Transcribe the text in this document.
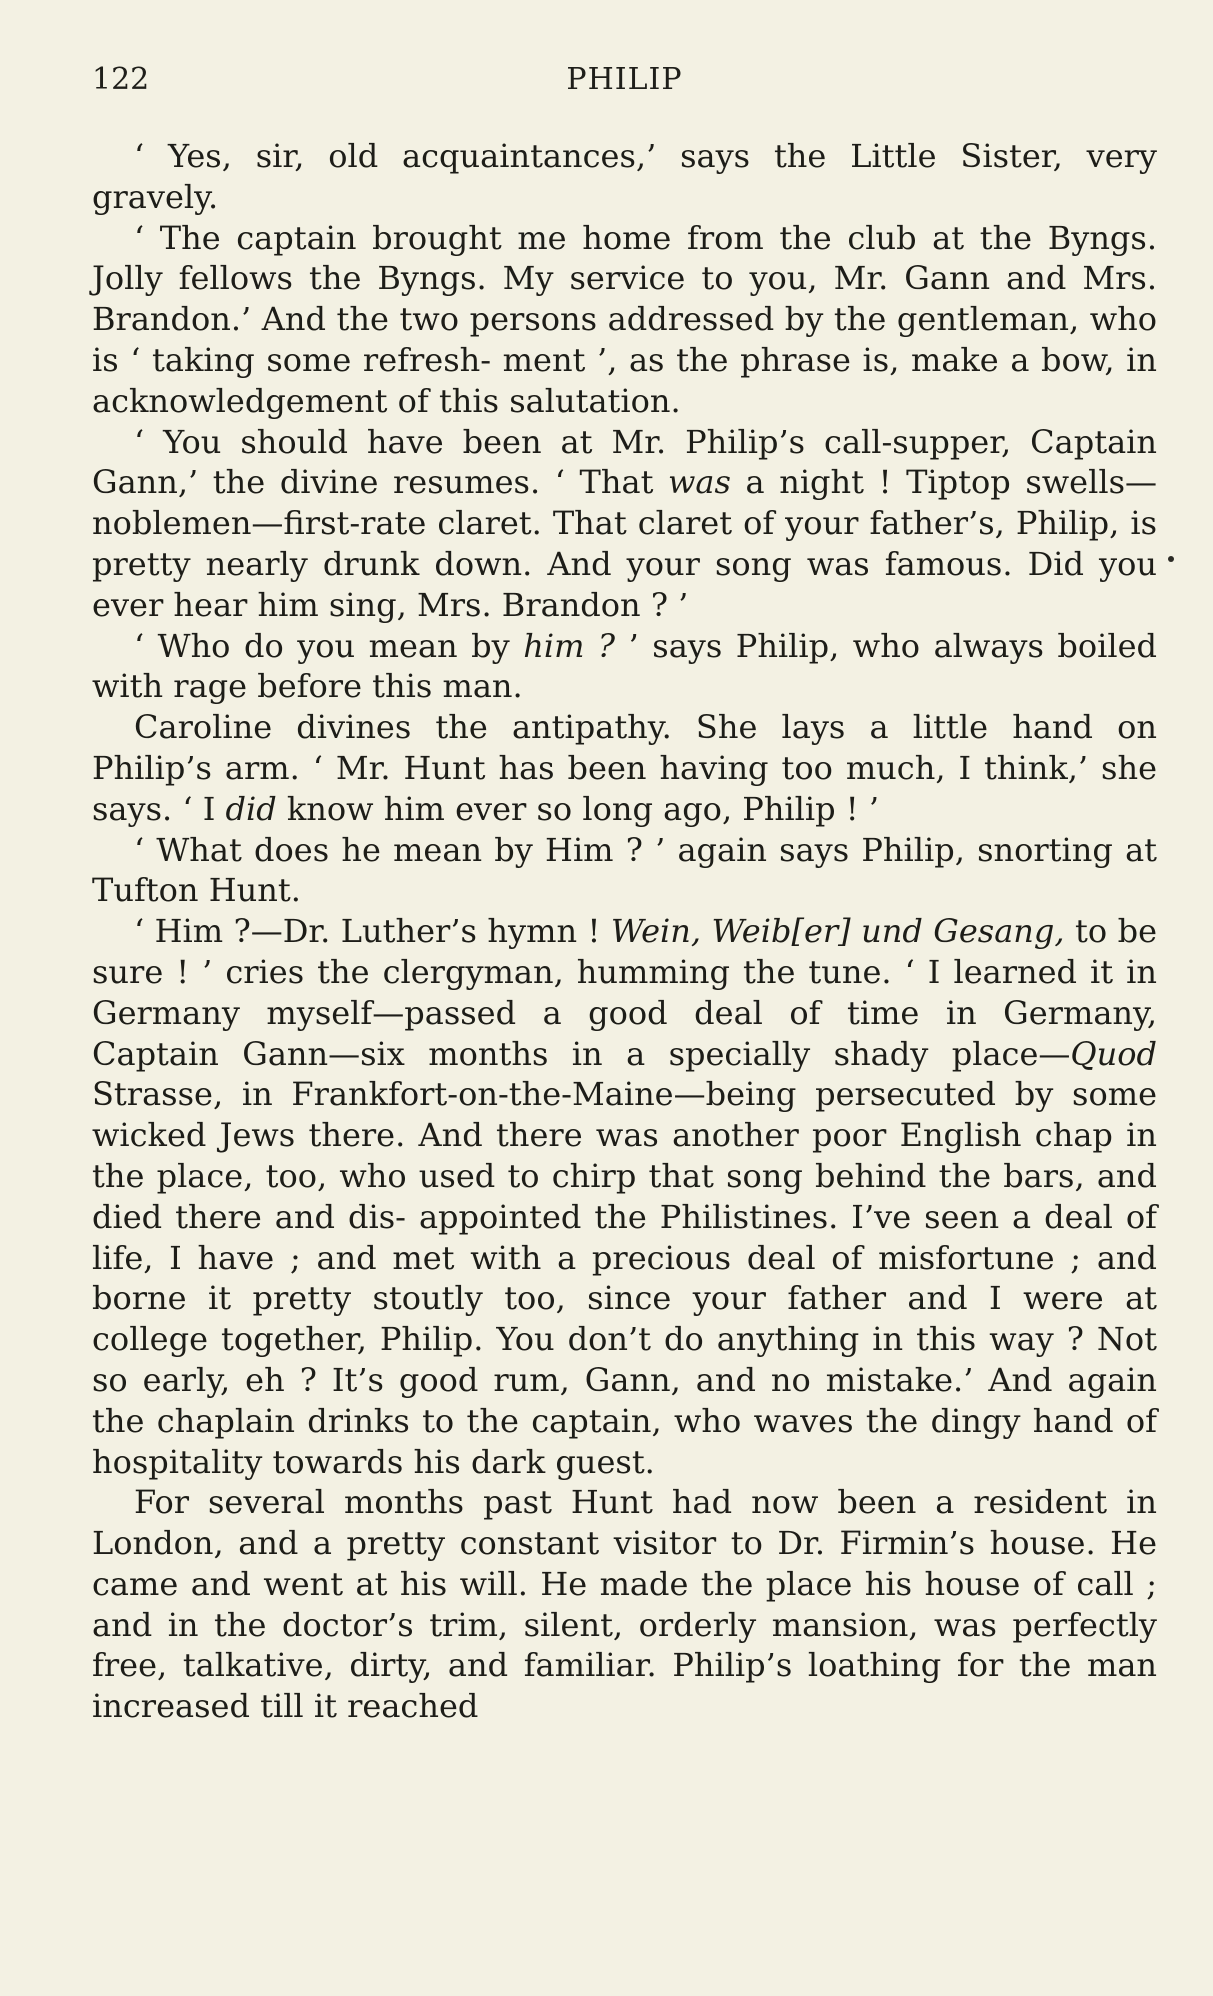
122	PHILIP

‘ Yes, sir, old acquaintances,’ says the Little Sister, very gravely.

‘ The captain brought me home from the club at the Byngs. Jolly fellows the Byngs. My service to you, Mr. Gann and Mrs. Brandon.’ And the two persons addressed by the gentleman, who is ‘ taking some refresh- ment ’, as the phrase is, make a bow, in acknowledgement of this salutation.

‘ You should have been at Mr. Philip’s call-supper, Captain Gann,’ the divine resumes. ‘ That was a night ! Tiptop swells—noblemen—first-rate claret. That claret of your father’s, Philip, is pretty nearly drunk down. And your song was famous. Did you ever hear him sing, Mrs. Brandon ? ’

‘ Who do you mean by him ? ’ says Philip, who always boiled with rage before this man.

Caroline divines the antipathy. She lays a little hand on Philip’s arm. ‘ Mr. Hunt has been having too much, I think,’ she says. ‘ I did know him ever so long ago, Philip ! ’

‘ What does he mean by Him ? ’ again says Philip, snorting at Tufton Hunt.

‘ Him ?—Dr. Luther’s hymn ! Wein, Weib[er] und Gesang, to be sure ! ’ cries the clergyman, humming the tune. ‘ I learned it in Germany myself—passed a good deal of time in Germany, Captain Gann—six months in a specially shady place—Quod Strasse, in Frankfort-on-the-Maine—being persecuted by some wicked Jews there. And there was another poor English chap in the place, too, who used to chirp that song behind the bars, and died there and dis- appointed the Philistines. I’ve seen a deal of life, I have ; and met with a precious deal of misfortune ; and borne it pretty stoutly too, since your father and I were at college together, Philip. You don’t do anything in this way ? Not so early, eh ? It’s good rum, Gann, and no mistake.’ And again the chaplain drinks to the captain, who waves the dingy hand of hospitality towards his dark guest.

For several months past Hunt had now been a resident in London, and a pretty constant visitor to Dr. Firmin’s house. He came and went at his will. He made the place his house of call ; and in the doctor’s trim, silent, orderly mansion, was perfectly free, talkative, dirty, and familiar. Philip’s loathing for the man increased till it reached
